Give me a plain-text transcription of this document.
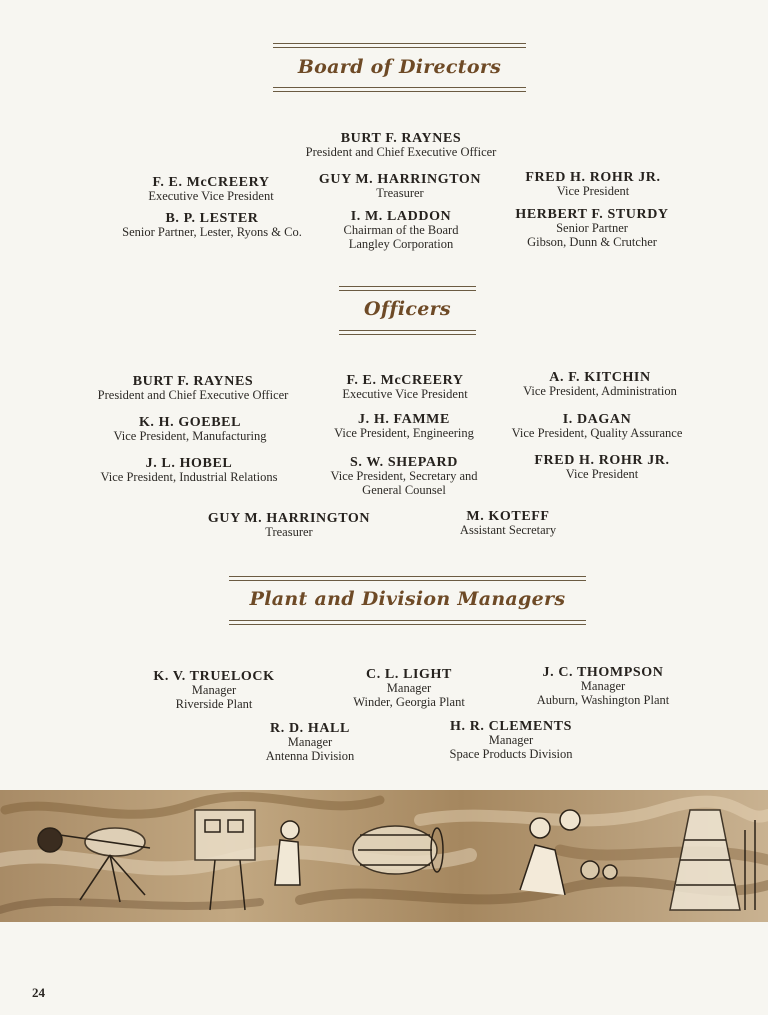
Board of Directors
BURT F. RAYNES
President and Chief Executive Officer
F. E. McCREERY
Executive Vice President
GUY M. HARRINGTON
Treasurer
FRED H. ROHR JR.
Vice President
B. P. LESTER
Senior Partner, Lester, Ryons & Co.
I. M. LADDON
Chairman of the Board
Langley Corporation
HERBERT F. STURDY
Senior Partner
Gibson, Dunn & Crutcher
Officers
BURT F. RAYNES
President and Chief Executive Officer
F. E. McCREERY
Executive Vice President
A. F. KITCHIN
Vice President, Administration
K. H. GOEBEL
Vice President, Manufacturing
J. H. FAMME
Vice President, Engineering
I. DAGAN
Vice President, Quality Assurance
J. L. HOBEL
Vice President, Industrial Relations
S. W. SHEPARD
Vice President, Secretary and
General Counsel
FRED H. ROHR JR.
Vice President
GUY M. HARRINGTON
Treasurer
M. KOTEFF
Assistant Secretary
Plant and Division Managers
K. V. TRUELOCK
Manager
Riverside Plant
C. L. LIGHT
Manager
Winder, Georgia Plant
J. C. THOMPSON
Manager
Auburn, Washington Plant
R. D. HALL
Manager
Antenna Division
H. R. CLEMENTS
Manager
Space Products Division
24
